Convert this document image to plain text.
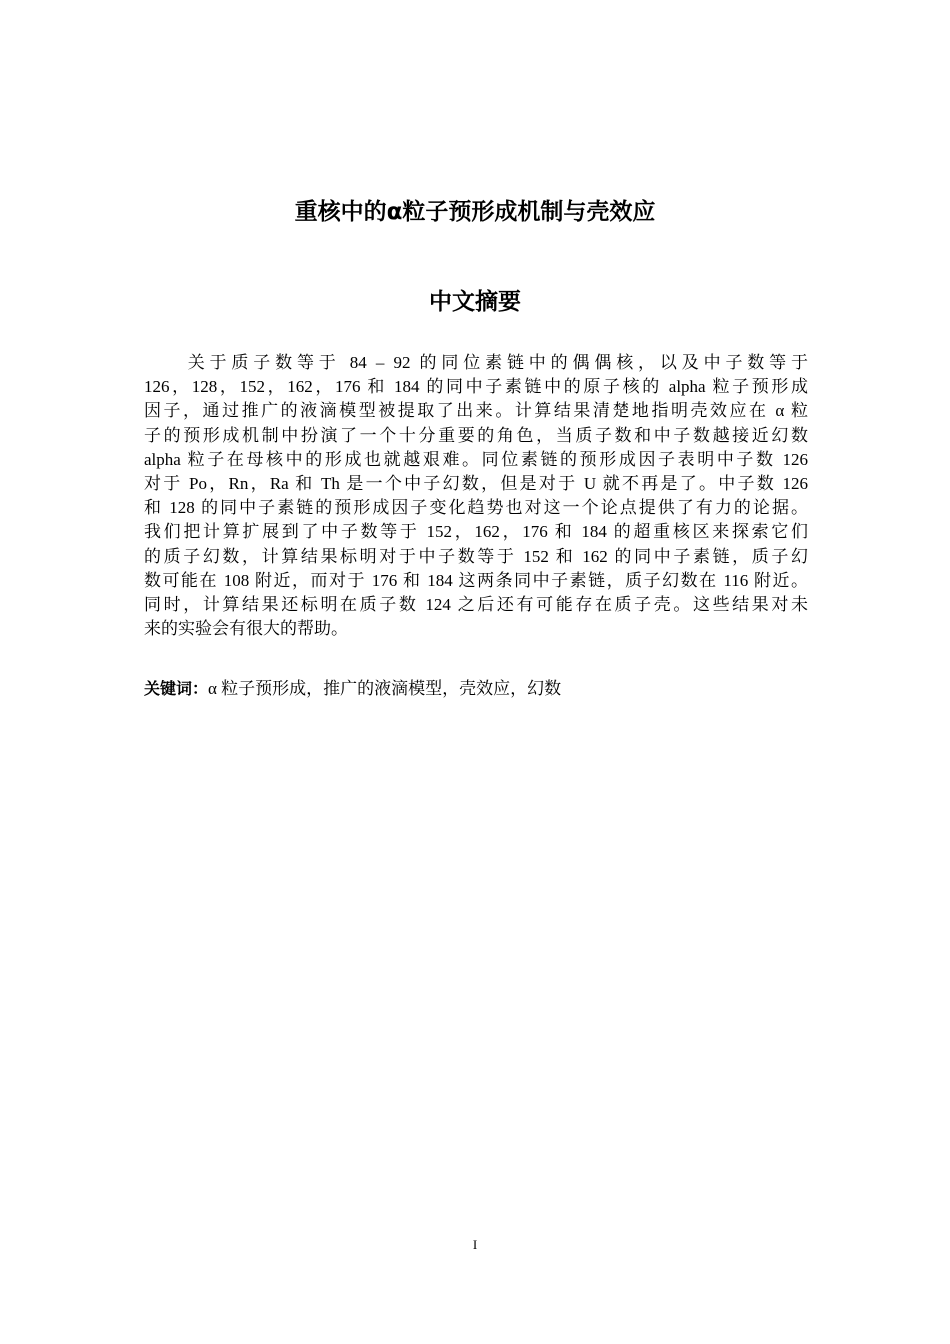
重核中的α粒子预形成机制与壳效应
中文摘要
　　关于质子数等于 84 – 92 的同位素链中的偶偶核，以及中子数等于
126，128，152，162，176 和 184 的同中子素链中的原子核的 alpha 粒子预形成
因子，通过推广的液滴模型被提取了出来。计算结果清楚地指明壳效应在 α 粒
子的预形成机制中扮演了一个十分重要的角色，当质子数和中子数越接近幻数
alpha 粒子在母核中的形成也就越艰难。同位素链的预形成因子表明中子数 126
对于 Po，Rn，Ra 和 Th 是一个中子幻数，但是对于 U 就不再是了。中子数 126
和 128 的同中子素链的预形成因子变化趋势也对这一个论点提供了有力的论据。
我们把计算扩展到了中子数等于 152，162，176 和 184 的超重核区来探索它们
的质子幻数，计算结果标明对于中子数等于 152 和 162 的同中子素链，质子幻
数可能在 108 附近，而对于 176 和 184 这两条同中子素链，质子幻数在 116 附近。
同时，计算结果还标明在质子数 124 之后还有可能存在质子壳。这些结果对未
来的实验会有很大的帮助。

关键词：α 粒子预形成，推广的液滴模型，壳效应，幻数

I
